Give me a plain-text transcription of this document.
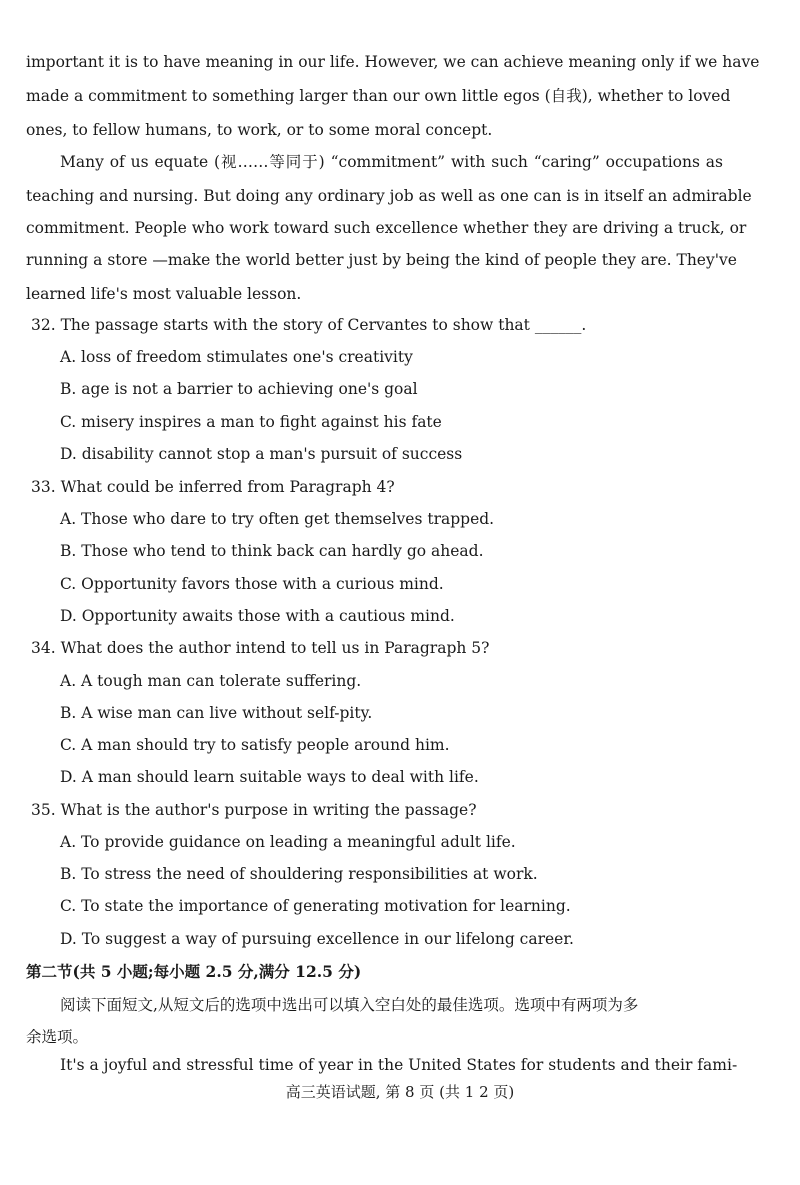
important it is to have meaning in our life. However, we can achieve meaning only if we have
made a commitment to something larger than our own little egos (自我), whether to loved
ones, to fellow humans, to work, or to some moral concept.
Many of us equate (视……等同于) “commitment” with such “caring” occupations as
teaching and nursing. But doing any ordinary job as well as one can is in itself an admirable
commitment. People who work toward such excellence whether they are driving a truck, or
running a store —make the world better just by being the kind of people they are. They've
learned life's most valuable lesson.
32. The passage starts with the story of Cervantes to show that ______.
A. loss of freedom stimulates one's creativity
B. age is not a barrier to achieving one's goal
C. misery inspires a man to fight against his fate
D. disability cannot stop a man's pursuit of success
33. What could be inferred from Paragraph 4?
A. Those who dare to try often get themselves trapped.
B. Those who tend to think back can hardly go ahead.
C. Opportunity favors those with a curious mind.
D. Opportunity awaits those with a cautious mind.
34. What does the author intend to tell us in Paragraph 5?
A. A tough man can tolerate suffering.
B. A wise man can live without self-pity.
C. A man should try to satisfy people around him.
D. A man should learn suitable ways to deal with life.
35. What is the author's purpose in writing the passage?
A. To provide guidance on leading a meaningful adult life.
B. To stress the need of shouldering responsibilities at work.
C. To state the importance of generating motivation for learning.
D. To suggest a way of pursuing excellence in our lifelong career.
第二节(共 5 小题;每小题 2.5 分,满分 12.5 分)
阅读下面短文,从短文后的选项中选出可以填入空白处的最佳选项。选项中有两项为多
余选项。
It's a joyful and stressful time of year in the United States for students and their fami-
高三英语试题, 第 8 页 (共 1 2 页)
